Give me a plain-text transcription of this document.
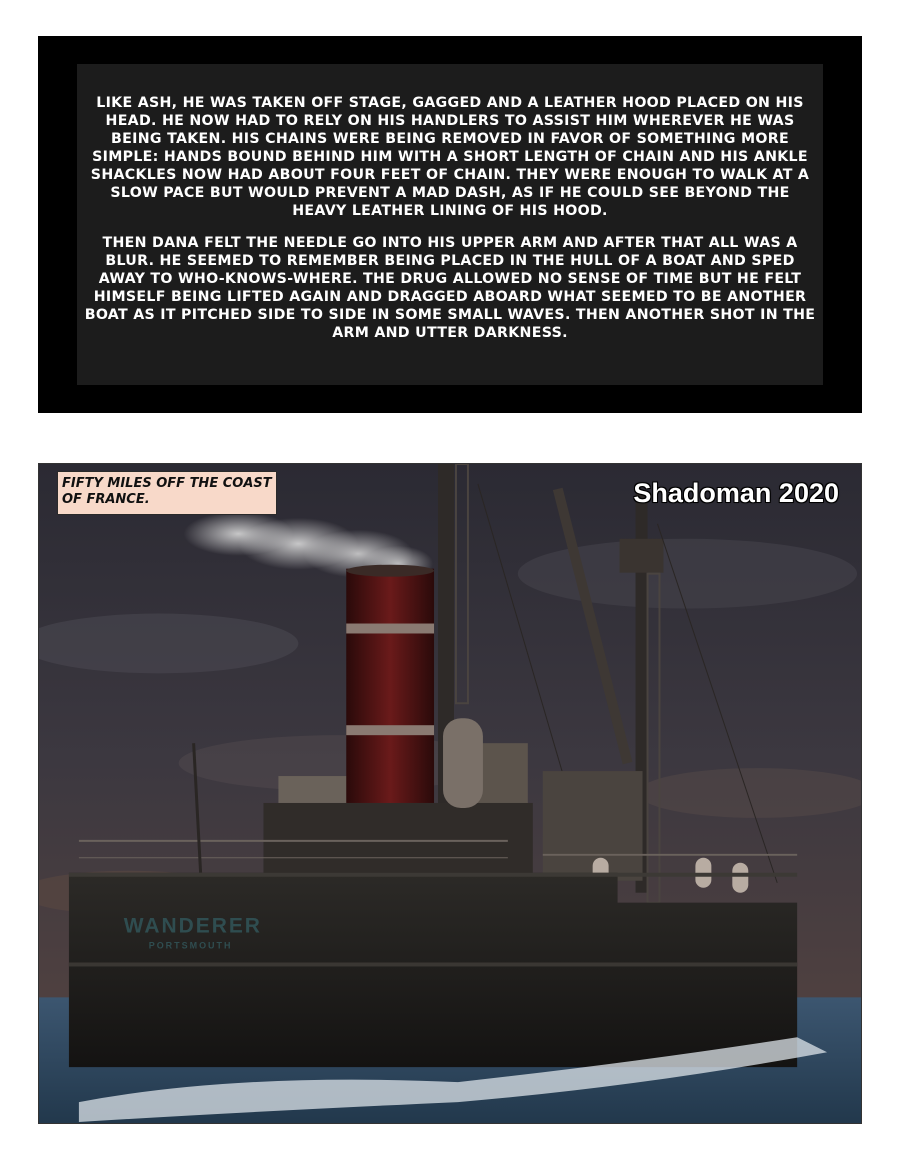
LIKE ASH, HE WAS TAKEN OFF STAGE, GAGGED AND A LEATHER HOOD PLACED ON HIS HEAD. HE NOW HAD TO RELY ON HIS HANDLERS TO ASSIST HIM WHEREVER HE WAS BEING TAKEN. HIS CHAINS WERE BEING REMOVED IN FAVOR OF SOMETHING MORE SIMPLE: HANDS BOUND BEHIND HIM WITH A SHORT LENGTH OF CHAIN AND HIS ANKLE SHACKLES NOW HAD ABOUT FOUR FEET OF CHAIN. THEY WERE ENOUGH TO WALK AT A SLOW PACE BUT WOULD PREVENT A MAD DASH, AS IF HE COULD SEE BEYOND THE HEAVY LEATHER LINING OF HIS HOOD.

THEN DANA FELT THE NEEDLE GO INTO HIS UPPER ARM AND AFTER THAT ALL WAS A BLUR. HE SEEMED TO REMEMBER BEING PLACED IN THE HULL OF A BOAT AND SPED AWAY TO WHO-KNOWS-WHERE. THE DRUG ALLOWED NO SENSE OF TIME BUT HE FELT HIMSELF BEING LIFTED AGAIN AND DRAGGED ABOARD WHAT SEEMED TO BE ANOTHER BOAT AS IT PITCHED SIDE TO SIDE IN SOME SMALL WAVES. THEN ANOTHER SHOT IN THE ARM AND UTTER DARKNESS.

WANDERER
PORTSMOUTH
FIFTY MILES OFF THE COAST OF FRANCE.	Shadoman 2020
